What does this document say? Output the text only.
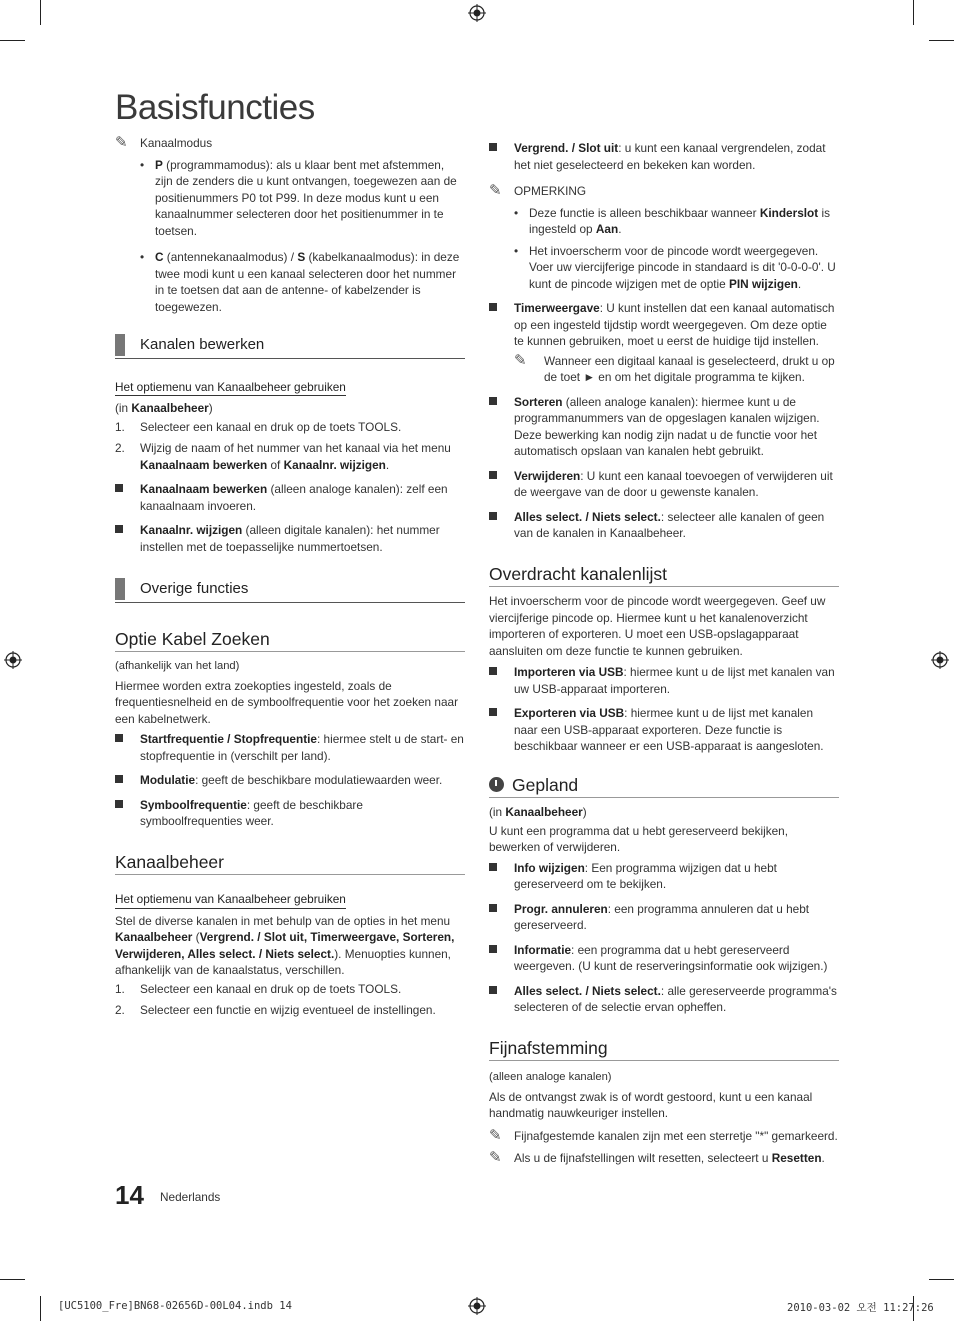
Basisfuncties

✎ Kanaalmodus

• P (programmamodus): als u klaar bent met afstemmen, zijn de zenders die u kunt ontvangen, toegewezen aan de positienummers P0 tot P99. In deze modus kunt u een kanaalnummer selecteren door het positienummer in te toetsen.
• C (antennekanaalmodus) / S (kabelkanaalmodus): in deze twee modi kunt u een kanaal selecteren door het nummer in te toetsen dat aan de antenne- of kabelzender is toegewezen.
Kanalen bewerken
Het optiemenu van Kanaalbeheer gebruiken

(in Kanaalbeheer)

1. Selecteer een kanaal en druk op de toets TOOLS.

2. Wijzig de naam of het nummer van het kanaal via het menu Kanaalnaam bewerken of Kanaalnr. wijzigen.

Kanaalnaam bewerken (alleen analoge kanalen): zelf een kanaalnaam invoeren.

Kanaalnr. wijzigen (alleen digitale kanalen): het nummer instellen met de toepasselijke nummertoetsen.

Overige functies
Optie Kabel Zoeken

(afhankelijk van het land)

Hiermee worden extra zoekopties ingesteld, zoals de frequentiesnelheid en de symboolfrequentie voor het zoeken naar een kabelnetwerk.

Startfrequentie / Stopfrequentie: hiermee stelt u de start- en stopfrequentie in (verschilt per land).

Modulatie: geeft de beschikbare modulatiewaarden weer.

Symboolfrequentie: geeft de beschikbare symboolfrequenties weer.

Kanaalbeheer
Het optiemenu van Kanaalbeheer gebruiken

Stel de diverse kanalen in met behulp van de opties in het menu Kanaalbeheer (Vergrend. / Slot uit, Timerweergave, Sorteren, Verwijderen, Alles select. / Niets select.). Menuopties kunnen, afhankelijk van de kanaalstatus, verschillen.

1. Selecteer een kanaal en druk op de toets TOOLS.

2. Selecteer een functie en wijzig eventueel de instellingen.

Vergrend. / Slot uit: u kunt een kanaal vergrendelen, zodat het niet geselecteerd en bekeken kan worden.

✎ OPMERKING

• Deze functie is alleen beschikbaar wanneer Kinderslot is ingesteld op Aan.
• Het invoerscherm voor de pincode wordt weergegeven. Voer uw viercijferige pincode in standaard is dit '0-0-0-0'. U kunt de pincode wijzigen met de optie PIN wijzigen.

Timerweergave: U kunt instellen dat een kanaal automatisch op een ingesteld tijdstip wordt weergegeven. Om deze optie te kunnen gebruiken, moet u eerst de huidige tijd instellen.

✎ Wanneer een digitaal kanaal is geselecteerd, drukt u op de toet ► en om het digitale programma te kijken.

Sorteren (alleen analoge kanalen): hiermee kunt u de programmanummers van de opgeslagen kanalen wijzigen. Deze bewerking kan nodig zijn nadat u de functie voor het automatisch opslaan van kanalen hebt gebruikt.

Verwijderen: U kunt een kanaal toevoegen of verwijderen uit de weergave van de door u gewenste kanalen.

Alles select. / Niets select.: selecteer alle kanalen of geen van de kanalen in Kanaalbeheer.

Overdracht kanalenlijst

Het invoerscherm voor de pincode wordt weergegeven. Geef uw viercijferige pincode op. Hiermee kunt u het kanalenoverzicht importeren of exporteren. U moet een USB-opslagapparaat aansluiten om deze functie te kunnen gebruiken.

Importeren via USB: hiermee kunt u de lijst met kanalen van uw USB-apparaat importeren.

Exporteren via USB: hiermee kunt u de lijst met kanalen naar een USB-apparaat exporteren. Deze functie is beschikbaar wanneer er een USB-apparaat is aangesloten.

Gepland

(in Kanaalbeheer)

U kunt een programma dat u hebt gereserveerd bekijken, bewerken of verwijderen.

Info wijzigen: Een programma wijzigen dat u hebt gereserveerd om te bekijken.

Progr. annuleren: een programma annuleren dat u hebt gereserveerd.

Informatie: een programma dat u hebt gereserveerd weergeven. (U kunt de reserveringsinformatie ook wijzigen.)

Alles select. / Niets select.: alle gereserveerde programma's selecteren of de selectie ervan opheffen.

Fijnafstemming

(alleen analoge kanalen)

Als de ontvangst zwak is of wordt gestoord, kunt u een kanaal handmatig nauwkeuriger instellen.

✎ Fijnafgestemde kanalen zijn met een sterretje "*" gemarkeerd.

✎ Als u de fijnafstellingen wilt resetten, selecteert u Resetten.

14 Nederlands
[UC5100_Fre]BN68-02656D-00L04.indb 14	2010-03-02 오전 11:27:26
